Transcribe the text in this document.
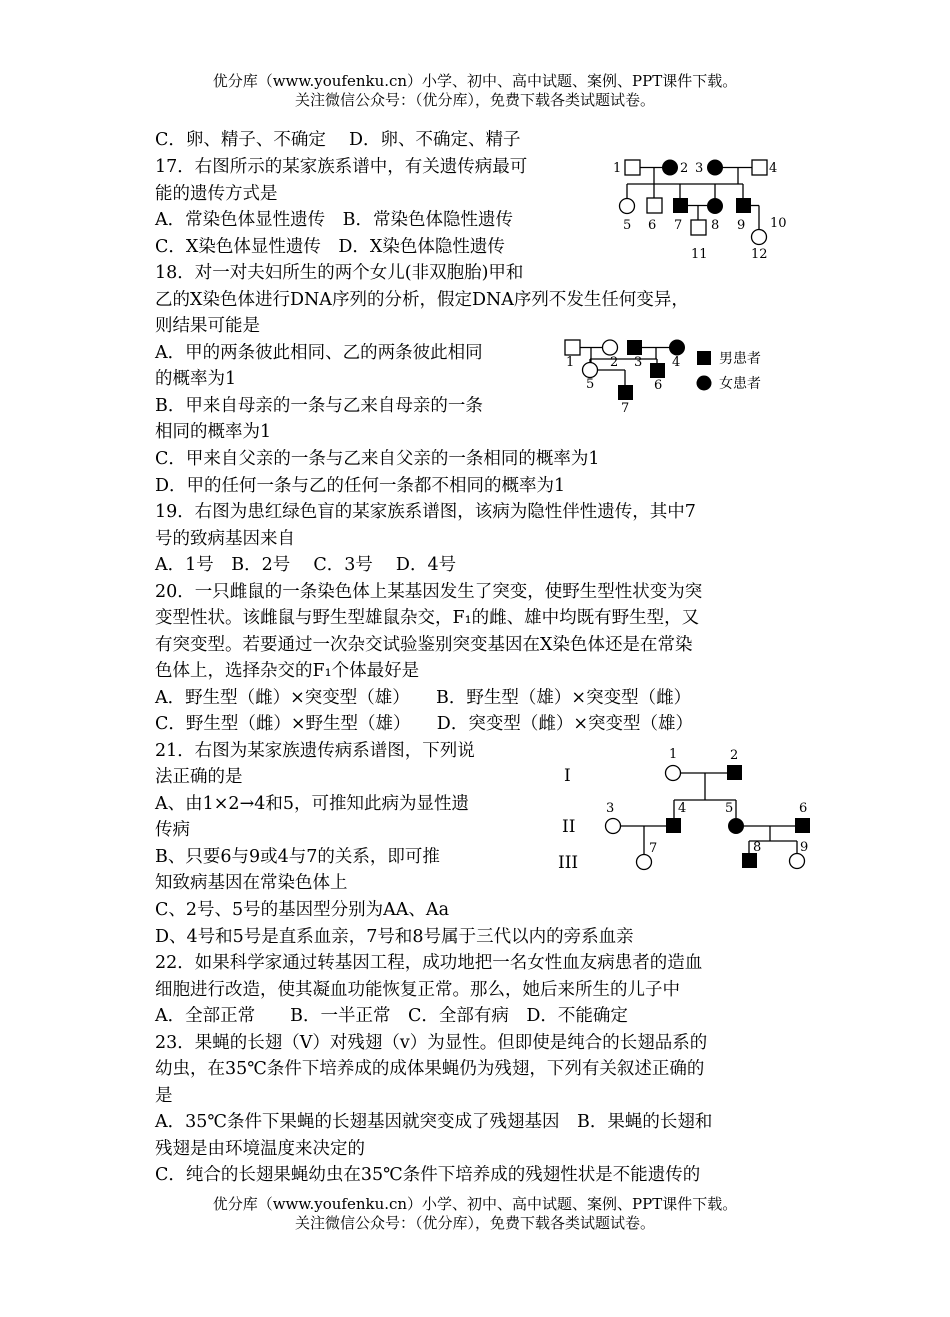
优分库（www.youfenku.cn）小学、初中、高中试题、案例、PPT课件下载。
关注微信公众号：（优分库），免费下载各类试题试卷。
C．卵、精子、不确定　 D．卵、不确定、精子
17．右图所示的某家族系谱中，有关遗传病最可
能的遗传方式是
A．常染色体显性遗传　B．常染色体隐性遗传
C．X染色体显性遗传　D．X染色体隐性遗传
18．对一对夫妇所生的两个女儿(非双胞胎)甲和
乙的X染色体进行DNA序列的分析，假定DNA序列不发生任何变异，
则结果可能是
A．甲的两条彼此相同、乙的两条彼此相同
的概率为1
B．甲来自母亲的一条与乙来自母亲的一条
相同的概率为1
C．甲来自父亲的一条与乙来自父亲的一条相同的概率为1
D．甲的任何一条与乙的任何一条都不相同的概率为1
19．右图为患红绿色盲的某家族系谱图，该病为隐性伴性遗传，其中7
号的致病基因来自
A．1号　B．2号　 C．3号　 D．4号
20．一只雌鼠的一条染色体上某基因发生了突变，使野生型性状变为突
变型性状。该雌鼠与野生型雄鼠杂交，F₁的雌、雄中均既有野生型，又
有突变型。若要通过一次杂交试验鉴别突变基因在X染色体还是在常染
色体上，选择杂交的F₁个体最好是
A．野生型（雌）×突变型（雄）　　B．野生型（雄）×突变型（雌）
C．野生型（雌）×野生型（雄）　　D．突变型（雌）×突变型（雄）
21．右图为某家族遗传病系谱图，下列说
法正确的是
A、由1×2→4和5，可推知此病为显性遗
传病
B、只要6与9或4与7的关系，即可推
知致病基因在常染色体上
C、2号、5号的基因型分别为AA、Aa
D、4号和5号是直系血亲，7号和8号属于三代以内的旁系血亲
22．如果科学家通过转基因工程，成功地把一名女性血友病患者的造血
细胞进行改造，使其凝血功能恢复正常。那么，她后来所生的儿子中
A．全部正常　　B．一半正常　C．全部有病　D．不能确定
23．果蝇的长翅（V）对残翅（v）为显性。但即使是纯合的长翅品系的
幼虫，在35℃条件下培养成的成体果蝇仍为残翅，下列有关叙述正确的
是
A．35℃条件下果蝇的长翅基因就突变成了残翅基因　B．果蝇的长翅和
残翅是由环境温度来决定的
C．纯合的长翅果蝇幼虫在35℃条件下培养成的残翅性状是不能遗传的
1	2 3	4
5 6 7 8 9 10
11	12
1	2 3 4
5	6
7
男患者
女患者
I
II
III
1	2
3	4	5	6
7	8	9
优分库（www.youfenku.cn）小学、初中、高中试题、案例、PPT课件下载。
关注微信公众号：（优分库），免费下载各类试题试卷。
